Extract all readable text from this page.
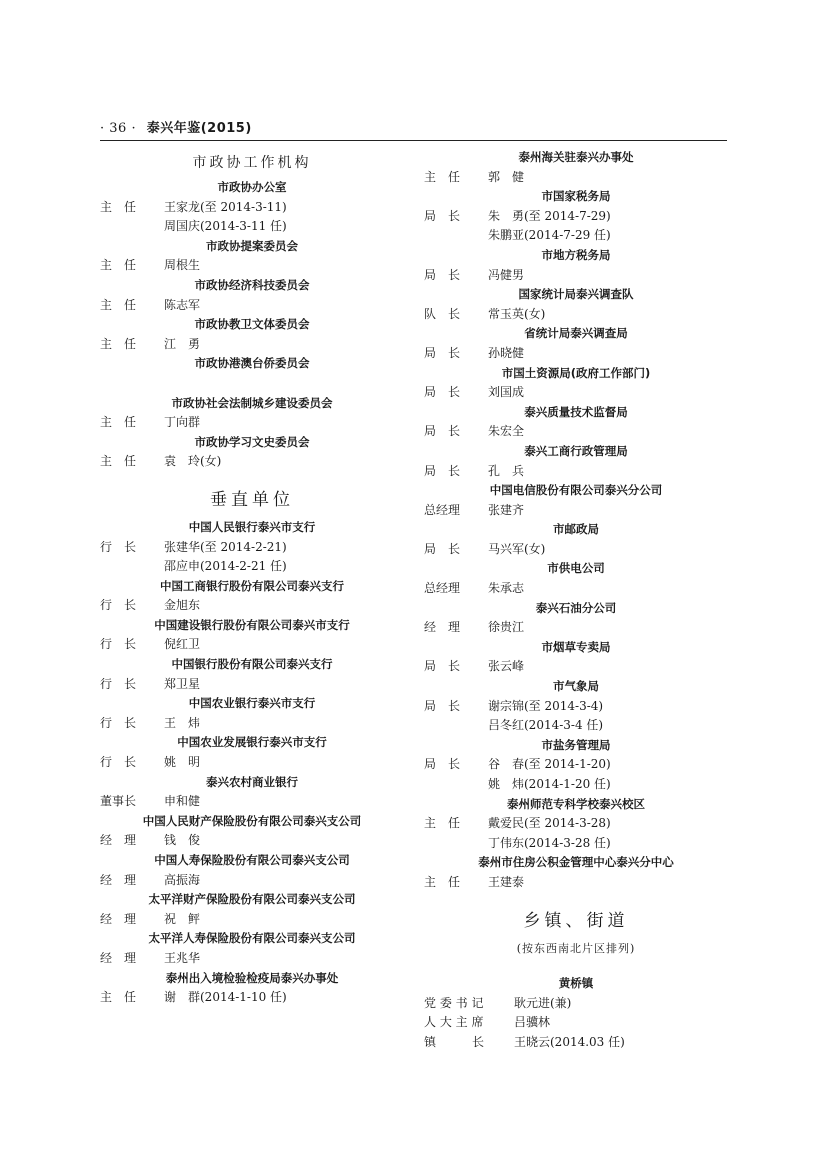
· 36 · 泰兴年鉴(2015)
市政协工作机构
市政协办公室
主　任 王家龙(至 2014-3-11)
周国庆(2014-3-11 任)
市政协提案委员会
主　任 周根生
市政协经济科技委员会
主　任 陈志军
市政协教卫文体委员会
主　任 江　勇
市政协港澳台侨委员会
市政协社会法制城乡建设委员会
主　任 丁向群
市政协学习文史委员会
主　任 袁　玲(女)
垂直单位
中国人民银行泰兴市支行
行　长 张建华(至 2014-2-21)
邵应申(2014-2-21 任)
中国工商银行股份有限公司泰兴支行
行　长 金旭东
中国建设银行股份有限公司泰兴市支行
行　长 倪红卫
中国银行股份有限公司泰兴支行
行　长 郑卫星
中国农业银行泰兴市支行
行　长 王　炜
中国农业发展银行泰兴市支行
行　长 姚　明
泰兴农村商业银行
董事长 申和健
中国人民财产保险股份有限公司泰兴支公司
经　理 钱　俊
中国人寿保险股份有限公司泰兴支公司
经　理 高振海
太平洋财产保险股份有限公司泰兴支公司
经　理 祝　鲆
太平洋人寿保险股份有限公司泰兴支公司
经　理 王兆华
泰州出入境检验检疫局泰兴办事处
主　任 谢　群(2014-1-10 任)
泰州海关驻泰兴办事处
主　任 郭　健
市国家税务局
局　长 朱　勇(至 2014-7-29)
朱鹏亚(2014-7-29 任)
市地方税务局
局　长 冯健男
国家统计局泰兴调查队
队　长 常玉英(女)
省统计局泰兴调查局
局　长 孙晓健
市国土资源局(政府工作部门)
局　长 刘国成
泰兴质量技术监督局
局　长 朱宏全
泰兴工商行政管理局
局　长 孔　兵
中国电信股份有限公司泰兴分公司
总经理 张建齐
市邮政局
局　长 马兴军(女)
市供电公司
总经理 朱承志
泰兴石油分公司
经　理 徐贵江
市烟草专卖局
局　长 张云峰
市气象局
局　长 谢宗锦(至 2014-3-4)
吕冬红(2014-3-4 任)
市盐务管理局
局　长 谷　春(至 2014-1-20)
姚　炜(2014-1-20 任)
泰州师范专科学校泰兴校区
主　任 戴爱民(至 2014-3-28)
丁伟东(2014-3-28 任)
泰州市住房公积金管理中心泰兴分中心
主　任 王建泰
乡镇、街道
(按东西南北片区排列)
黄桥镇
党 委 书 记	耿元进(兼)
人 大 主 席	吕骥林
镇　　　长 王晓云(2014.03 任)
